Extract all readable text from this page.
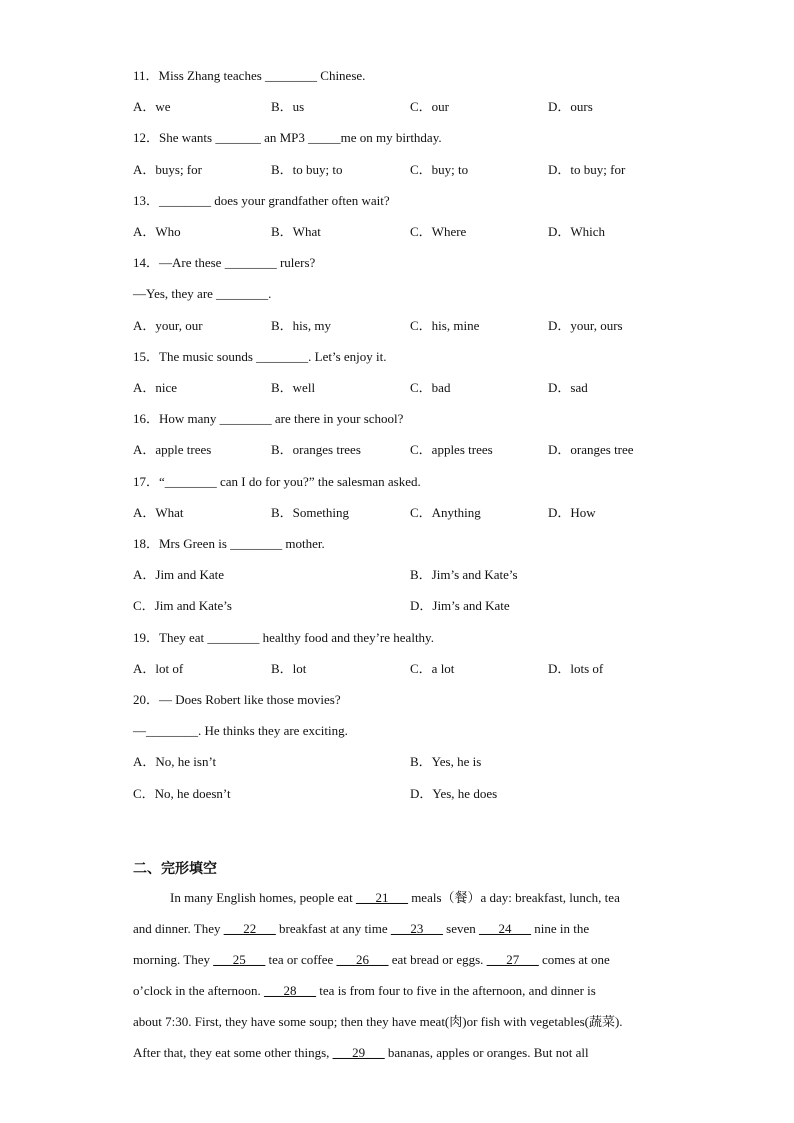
11．Miss Zhang teaches ________ Chinese.
A．we	B．us	C．our	D．ours
12．She wants _______ an MP3 _____me on my birthday.
A．buys; for	B．to buy; to	C．buy; to	D．to buy; for
13．________ does your grandfather often wait?
A．Who	B．What	C．Where	D．Which
14．—Are these ________ rulers?
—Yes, they are ________.
A．your, our	B．his, my	C．his, mine	D．your, ours
15．The music sounds ________. Let’s enjoy it.
A．nice	B．well	C．bad	D．sad
16．How many ________ are there in your school?
A．apple trees	B．oranges trees	C．apples trees	D．oranges tree
17．“________ can I do for you?” the salesman asked.
A．What	B．Something	C．Anything	D．How
18．Mrs Green is ________ mother.
A．Jim and Kate	B．Jim’s and Kate’s
C．Jim and Kate’s	D．Jim’s and Kate
19．They eat ________ healthy food and they’re healthy.
A．lot of	B．lot	C．a lot	D．lots of
20．— Does Robert like those movies?
—________. He thinks they are exciting.
A．No, he isn’t	B．Yes, he is
C．No, he doesn’t	D．Yes, he does
二、完形填空
In many English homes, people eat ___21___ meals（餐）a day: breakfast, lunch, tea
and dinner. They ___22___ breakfast at any time ___23___ seven ___24___ nine in the
morning. They ___25___ tea or coffee ___26___ eat bread or eggs. ___27___ comes at one
o’clock in the afternoon. ___28___ tea is from four to five in the afternoon, and dinner is
about 7:30. First, they have some soup; then they have meat(肉)or fish with vegetables(蔬菜).
After that, they eat some other things, ___29___ bananas, apples or oranges. But not all
